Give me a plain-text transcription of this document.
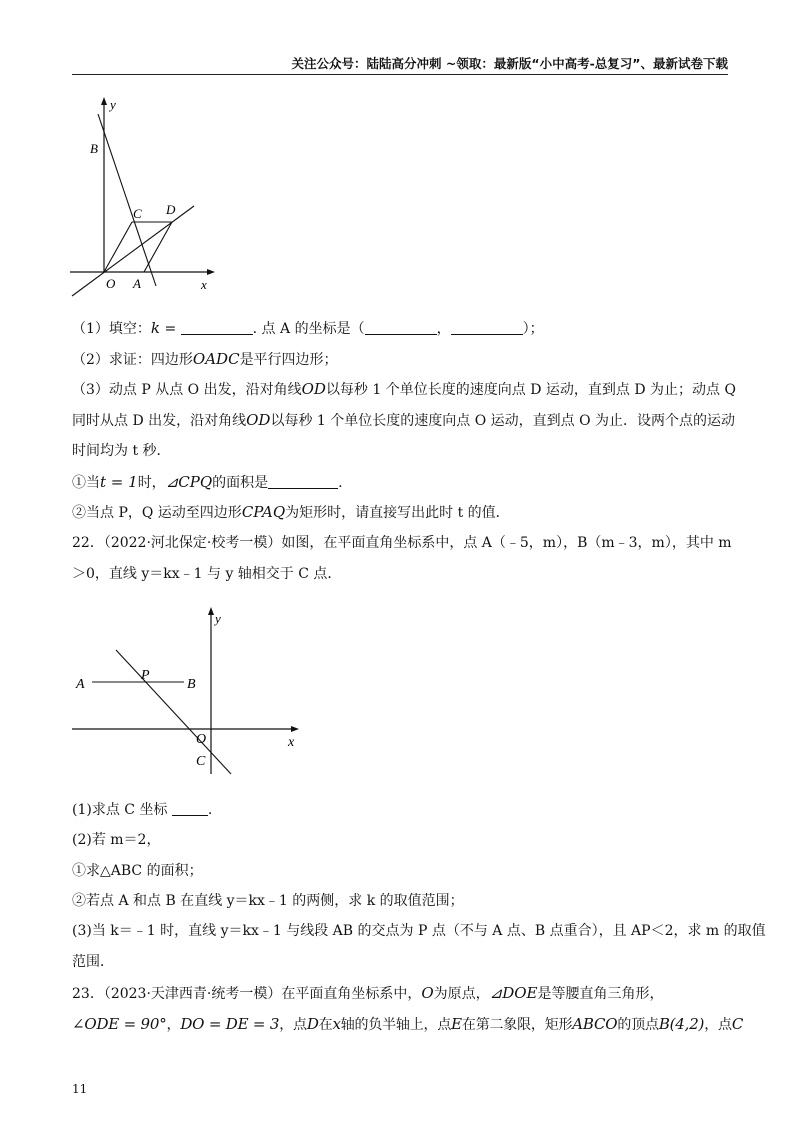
关注公众号：陆陆高分冲刺 ~领取：最新版“小中高考-总复习”、最新试卷下载
y
B
C D
O A	x
（1）填空：k =	. 点 A 的坐标是（	，	）；
（2）求证：四边形OADC是平行四边形；
（3）动点 P 从点 O 出发，沿对角线OD以每秒 1 个单位长度的速度向点 D 运动，直到点 D 为止；动点 Q
同时从点 D 出发，沿对角线OD以每秒 1 个单位长度的速度向点 O 运动，直到点 O 为止．设两个点的运动
时间均为 t 秒．
①当t = 1时，⊿CPQ的面积是	.
②当点 P，Q 运动至四边形CPAQ为矩形时，请直接写出此时 t 的值．
22．（2022·河北保定·校考一模）如图，在平面直角坐标系中，点 A（﹣5，m），B（m﹣3，m），其中 m
＞0，直线 y＝kx﹣1 与 y 轴相交于 C 点．
y
P
A	B
O	x
C
(1)求点 C 坐标	.
(2)若 m＝2，
①求△ABC 的面积；
②若点 A 和点 B 在直线 y＝kx﹣1 的两侧，求 k 的取值范围；
(3)当 k＝﹣1 时，直线 y＝kx﹣1 与线段 AB 的交点为 P 点（不与 A 点、B 点重合），且 AP＜2，求 m 的取值
范围．
23．（2023·天津西青·统考一模）在平面直角坐标系中，O为原点，⊿DOE是等腰直角三角形，
∠ODE = 90°，DO = DE = 3，点D在x轴的负半轴上，点E在第二象限，矩形ABCO的顶点B(4,2)，点C
11
